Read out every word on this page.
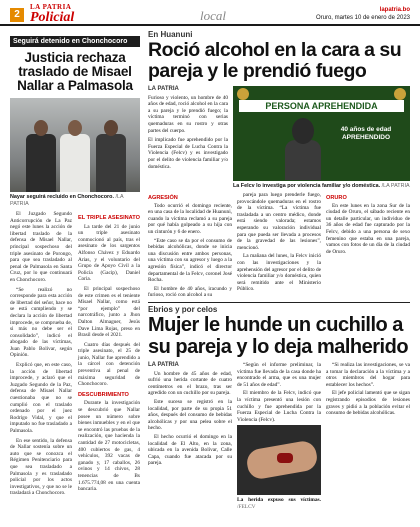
2
LA PATRIA
Policial	local	lapatria.bo
Oruro, martes 10 de enero de 2023
Seguirá detenido en Chonchocoro
Justicia rechaza traslado de Misael Nallar a Palmasola
Nayar seguirá recluido en Chonchocoro. /LA PATRIA
El Juzgado Segundo Anticorrupción de La Paz negó este lunes la acción de libertad traslado de la defensa de Misael Nallar, principal sospechoso del triple asesinato de Porongo, para que sea trasladado al penal de Palmasola en Santa Cruz, por lo que continuará en Chonchocoro.
“Se realizó no corresponde para esta acción de libertad del señor, hace no se está cumpliendo y se declara la acción de libertad improcede, se comprueba de, si más no debe ser el consolidado”, indicó el abogado de las víctimas, Juan Pablo Bolivar, según Opinión.
Explicó que, en este caso, la acción de libertad improcede, y aclaró que el Juzgado Segundo de la Paz, defensa de Misael Nallar cuestionaba que no se cumplió con el traslado ordenado por el juez Rodrigo Vidal, y que el imputado no fue trasladado a Palmasola.
En ese sentido, la defensa de Nallar sostenía sobre un auto que se conozca el Régimen Penitenciario para que sea trasladado a Palmasola y es trasladado policial por los actos investigativos, y que no se le trasladará a Chonchocoro.
EL TRIPLE ASESINATO
La tarde del 21 de junio un triple asesinato conmocionó al país, tras el asesinato de los sargentos Alfonso Chávez y Eduardo Arias, y el voluntario del Grupo de Apoyo Civil a la Policía (Gacip), Daniel Coria.
El principal sospechoso de este crimen es el teniente Misael Nallar, como está “por ejemplo” del narcotráfico, junto a Jhon Dalton Almaguer, Jesús Dave Lima Rojas, preso en Brasil desde el 2021.
Cuatro días después del triple asesinato, el 25 de junio, Nallar fue aprendido a la cárcel con detención preventiva al penal de máxima seguridad de Chonchocoro.
DESCUBRIMIENTO
Durante la investigación se descubrió que Nallar posee un número sobre bienes inmuebles y en el que se encontró las pruebas de la realización, que hacienda la cantidad de 27 motocicletas, 400 cubiertos de gas, 4 vehículos, 392 vacas de ganado y, 17 caballos, 26 ovinos y 14 chivos, 28 tenencias de Bs 1.675.774,08 en una cuenta bancaria.
En Huanuni
Roció alcohol en la cara a su pareja y le prendió fuego
LA PATRIA
Furioso y violento, un hombre de 40 años de edad, roció alcohol en la cara a su pareja y le prendió fuego; la víctima terminó con serias quemaduras en su rostro y otras partes del cuerpo.
El implicado fue aprehendido por la Fuerza Especial de Lucha Contra la Violencia (Felcv) y es investigado por el delito de violencia familiar y/o doméstica.
PERSONA APREHENDIDA
40 años de edad APREHENDIDO
La Felcv lo investiga por violencia familiar y/o doméstica. /LA PATRIA
AGRESIÓN
Todo ocurrió el domingo reciente, en una casa de la localidad de Huanuni, cuando la víctima reclamó a su pareja por qué había golpeado a su hija con un cinturón y 6 de enero.
“Este caso se da por el consumo de bebidas alcohólicas, donde se inicia una discusión entre ambos personas, una víctima con su agresor y luego a la agresión física”, indicó el director departamental de la Felcv, coronel José Rocha.
El hombre de 40 años, iracundo y furioso, roció con alcohol a su
pareja para luego prenderle fuego, provocándole quemaduras en el rostro de la víctima. “La víctima fue trasladada a un centro médico, donde está siendo valorada; estamos esperando su valoración individual para que pueda ser llevada a procesos de la gravedad de las lesiones”, mencionó.
La mañana del lunes, la Felcv inició con las investigaciones y la aprehensión del agresor por el delito de violencia familiar y/o doméstica, quien será remitido ante el Ministerio Público.
ORURO
En este lunes en la zona Sur de la ciudad de Oruro, el sábado reciente en un detalle particular, un individuo de 36 años de edad fue capturado por la Felcv, debido a una persona de sexo femenino que estaba en una pareja, vamos con fotos de un día de la ciudad de Oruro.
Ebrios y por celos
Mujer le hunde un cuchillo a su pareja y lo deja malherido
LA PATRIA
Un hombre de 45 años de edad, sufrió una herida cortante de cuatro centímetros en el brazo, tras ser agredido con un cuchillo por su pareja.
Este suceso se registró en la localidad, por parte de su propia 51 años, después del consumo de bebidas alcohólicas y por una pelea sobre el hecho.
El hecho ocurrió el domingo en la localidad de El Alto, en la zona, ubicada en la avenida Bolívar, Calle Capa, cuando fue atacada por su pareja.
“Según el informe preliminar, la víctima fue llevada de la casa donde ha encontrado el arma, que es una mujer de 51 años de edad”.
El miembro de la Felcv, indicó que la víctima presentó una lesión con cuchillo y fue aprehendida por la Fuerza Especial de Lucha Contra la Violencia (Felcv).
La herida expuso sus víctimas. /FELCV
“Si realiza las investigaciones, se va a tomar la declaración a la víctima y a otros miembros del hogar para establecer los hechos”.
El jefe policial lamentó que se sigan registrando episodios de lesiones graves y pidió a la población evitar el consumo de bebidas alcohólicas.
